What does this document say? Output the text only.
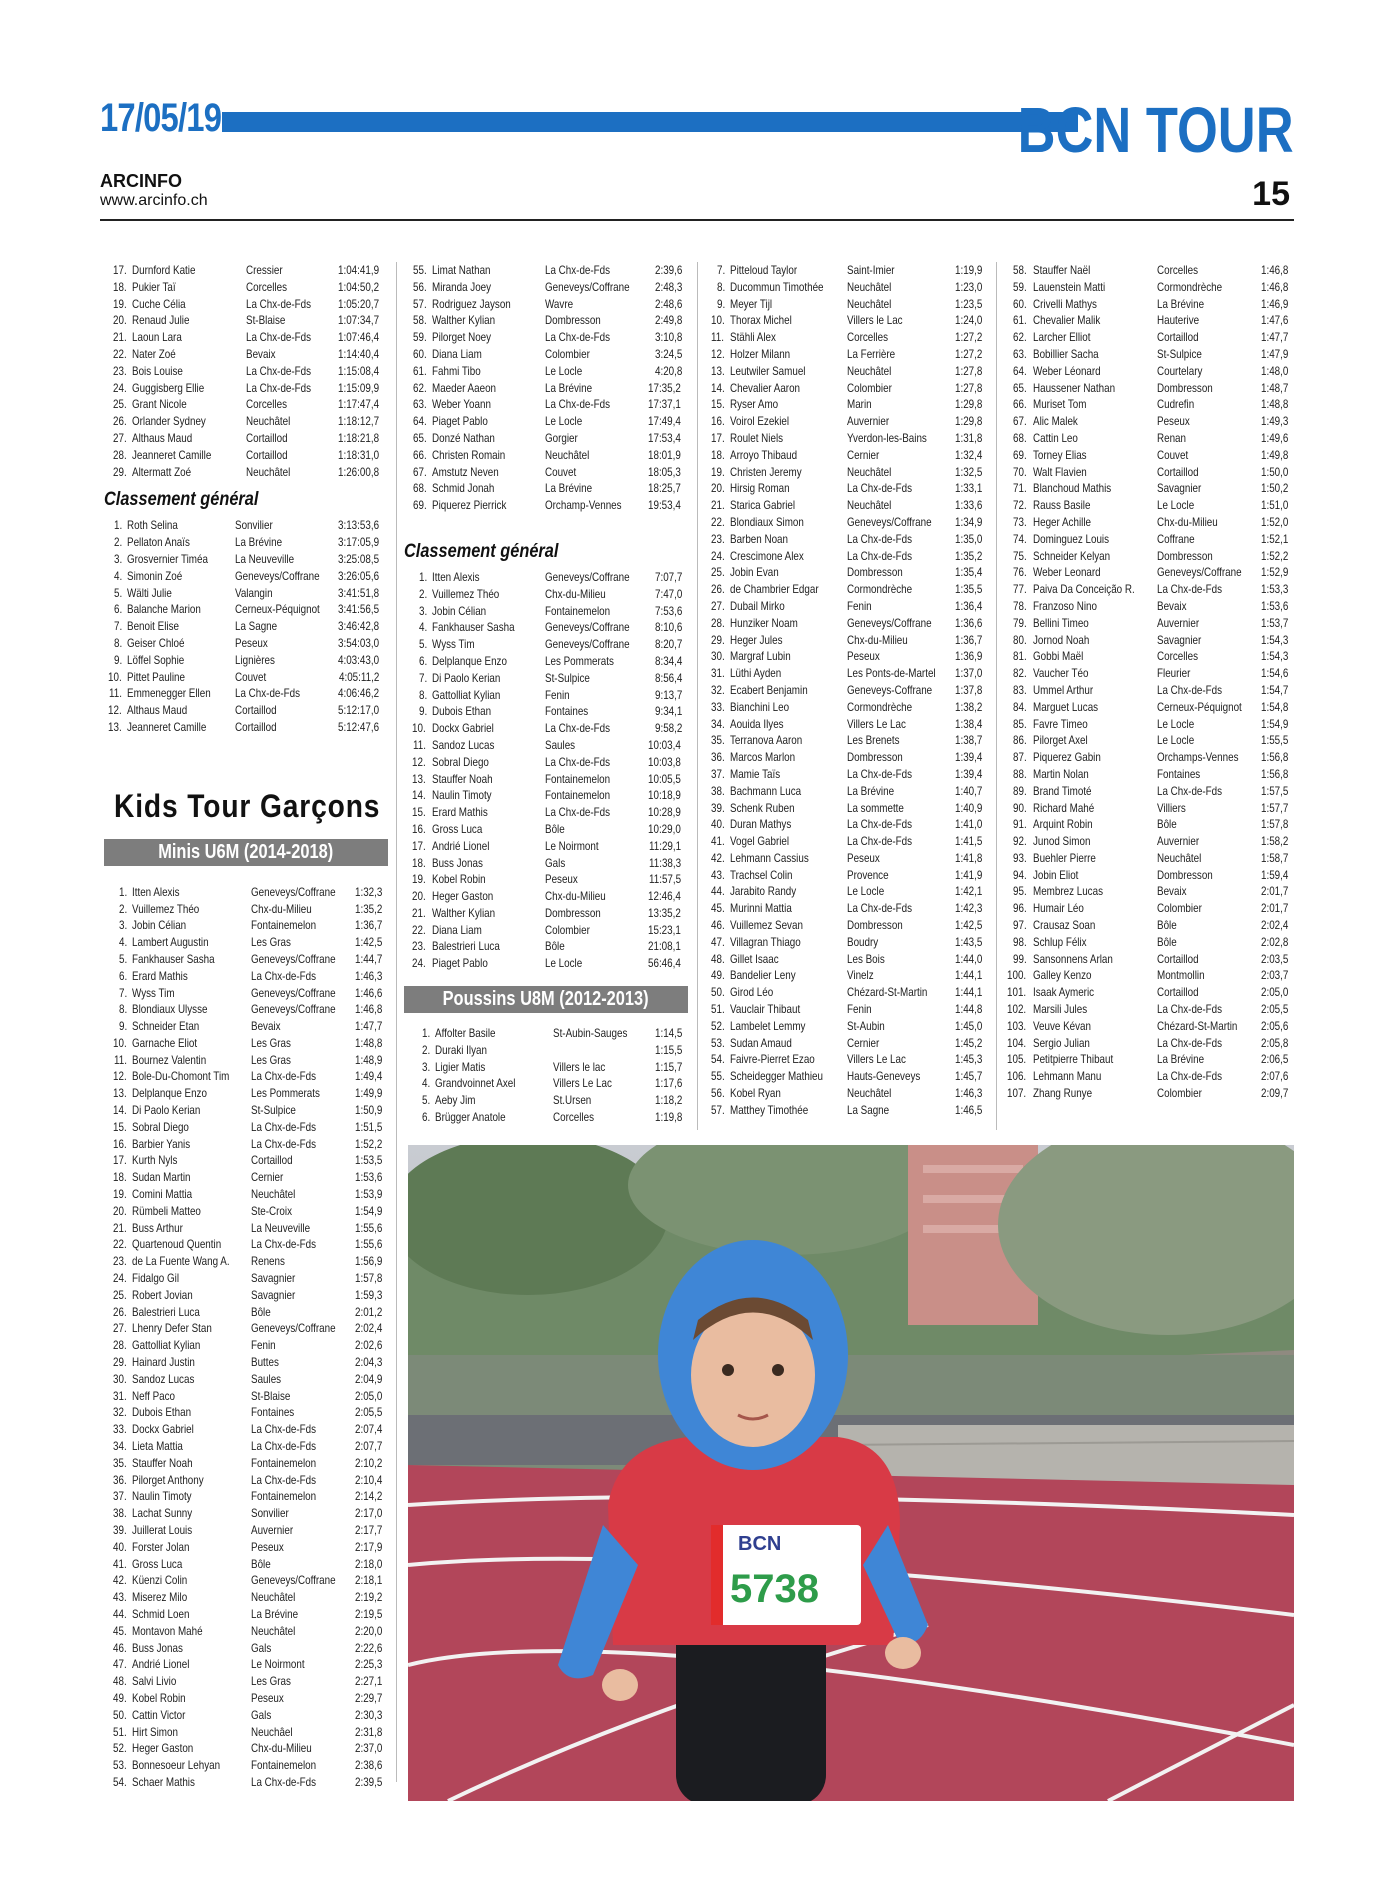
17/05/19	BCN TOUR
ARCINFO
www.arcinfo.ch	15
17.	Durnford Katie	Cressier	1:04:41,9
18.	Pukier Taï	Corcelles	1:04:50,2
19.	Cuche Célia	La Chx-de-Fds	1:05:20,7
20.	Renaud Julie	St-Blaise	1:07:34,7
21.	Laoun Lara	La Chx-de-Fds	1:07:46,4
22.	Nater Zoé	Bevaix	1:14:40,4
23.	Bois Louise	La Chx-de-Fds	1:15:08,4
24.	Guggisberg Ellie	La Chx-de-Fds	1:15:09,9
25.	Grant Nicole	Corcelles	1:17:47,4
26.	Orlander Sydney	Neuchâtel	1:18:12,7
27.	Althaus Maud	Cortaillod	1:18:21,8
28.	Jeanneret Camille	Cortaillod	1:18:31,0
29.	Altermatt Zoé	Neuchâtel	1:26:00,8
Classement général
1.	Roth Selina	Sonvilier	3:13:53,6
2.	Pellaton Anaïs	La Brévine	3:17:05,9
3.	Grosvernier Timéa	La Neuveville	3:25:08,5
4.	Simonin Zoé	Geneveys/Coffrane	3:26:05,6
5.	Wälti Julie	Valangin	3:41:51,8
6.	Balanche Marion	Cerneux-Péquignot	3:41:56,5
7.	Benoit Elise	La Sagne	3:46:42,8
8.	Geiser Chloé	Peseux	3:54:03,0
9.	Löffel Sophie	Lignières	4:03:43,0
10.	Pittet Pauline	Couvet	4:05:11,2
11.	Emmenegger Ellen	La Chx-de-Fds	4:06:46,2
12.	Althaus Maud	Cortaillod	5:12:17,0
13.	Jeanneret Camille	Cortaillod	5:12:47,6
Kids Tour Garçons
Minis U6M (2014-2018)
1.	Itten Alexis	Geneveys/Coffrane	1:32,3
2.	Vuillemez Théo	Chx-du-Milieu	1:35,2
3.	Jobin Célian	Fontainemelon	1:36,7
4.	Lambert Augustin	Les Gras	1:42,5
5.	Fankhauser Sasha	Geneveys/Coffrane	1:44,7
6.	Erard Mathis	La Chx-de-Fds	1:46,3
7.	Wyss Tim	Geneveys/Coffrane	1:46,6
8.	Blondiaux Ulysse	Geneveys/Coffrane	1:46,8
9.	Schneider Etan	Bevaix	1:47,7
10.	Garnache Eliot	Les Gras	1:48,8
11.	Bournez Valentin	Les Gras	1:48,9
12.	Bole-Du-Chomont Tim	La Chx-de-Fds	1:49,4
13.	Delplanque Enzo	Les Pommerats	1:49,9
14.	Di Paolo Kerian	St-Sulpice	1:50,9
15.	Sobral Diego	La Chx-de-Fds	1:51,5
16.	Barbier Yanis	La Chx-de-Fds	1:52,2
17.	Kurth Nyls	Cortaillod	1:53,5
18.	Sudan Martin	Cernier	1:53,6
19.	Comini Mattia	Neuchâtel	1:53,9
20.	Rümbeli Matteo	Ste-Croix	1:54,9
21.	Buss Arthur	La Neuveville	1:55,6
22.	Quartenoud Quentin	La Chx-de-Fds	1:55,6
23.	de La Fuente Wang A.	Renens	1:56,9
24.	Fidalgo Gil	Savagnier	1:57,8
25.	Robert Jovian	Savagnier	1:59,3
26.	Balestrieri Luca	Bôle	2:01,2
27.	Lhenry Defer Stan	Geneveys/Coffrane	2:02,4
28.	Gattolliat Kylian	Fenin	2:02,6
29.	Hainard Justin	Buttes	2:04,3
30.	Sandoz Lucas	Saules	2:04,9
31.	Neff Paco	St-Blaise	2:05,0
32.	Dubois Ethan	Fontaines	2:05,5
33.	Dockx Gabriel	La Chx-de-Fds	2:07,4
34.	Lieta Mattia	La Chx-de-Fds	2:07,7
35.	Stauffer Noah	Fontainemelon	2:10,2
36.	Pilorget Anthony	La Chx-de-Fds	2:10,4
37.	Naulin Timoty	Fontainemelon	2:14,2
38.	Lachat Sunny	Sonvilier	2:17,0
39.	Juillerat Louis	Auvernier	2:17,7
40.	Forster Jolan	Peseux	2:17,9
41.	Gross Luca	Bôle	2:18,0
42.	Küenzi Colin	Geneveys/Coffrane	2:18,1
43.	Miserez Milo	Neuchâtel	2:19,2
44.	Schmid Loen	La Brévine	2:19,5
45.	Montavon Mahé	Neuchâtel	2:20,0
46.	Buss Jonas	Gals	2:22,6
47.	Andrié Lionel	Le Noirmont	2:25,3
48.	Salvi Livio	Les Gras	2:27,1
49.	Kobel Robin	Peseux	2:29,7
50.	Cattin Victor	Gals	2:30,3
51.	Hirt Simon	Neuchâel	2:31,8
52.	Heger Gaston	Chx-du-Milieu	2:37,0
53.	Bonnesoeur Lehyan	Fontainemelon	2:38,6
54.	Schaer Mathis	La Chx-de-Fds	2:39,5
55.	Limat Nathan	La Chx-de-Fds	2:39,6
56.	Miranda Joey	Geneveys/Coffrane	2:48,3
57.	Rodriguez Jayson	Wavre	2:48,6
58.	Walther Kylian	Dombresson	2:49,8
59.	Pilorget Noey	La Chx-de-Fds	3:10,8
60.	Diana Liam	Colombier	3:24,5
61.	Fahmi Tibo	Le Locle	4:20,8
62.	Maeder Aaeon	La Brévine	17:35,2
63.	Weber Yoann	La Chx-de-Fds	17:37,1
64.	Piaget Pablo	Le Locle	17:49,4
65.	Donzé Nathan	Gorgier	17:53,4
66.	Christen Romain	Neuchâtel	18:01,9
67.	Amstutz Neven	Couvet	18:05,3
68.	Schmid Jonah	La Brévine	18:25,7
69.	Piquerez Pierrick	Orchamp-Vennes	19:53,4
Classement général
1.	Itten Alexis	Geneveys/Coffrane	7:07,7
2.	Vuillemez Théo	Chx-du-Milieu	7:47,0
3.	Jobin Célian	Fontainemelon	7:53,6
4.	Fankhauser Sasha	Geneveys/Coffrane	8:10,6
5.	Wyss Tim	Geneveys/Coffrane	8:20,7
6.	Delplanque Enzo	Les Pommerats	8:34,4
7.	Di Paolo Kerian	St-Sulpice	8:56,4
8.	Gattolliat Kylian	Fenin	9:13,7
9.	Dubois Ethan	Fontaines	9:34,1
10.	Dockx Gabriel	La Chx-de-Fds	9:58,2
11.	Sandoz Lucas	Saules	10:03,4
12.	Sobral Diego	La Chx-de-Fds	10:03,8
13.	Stauffer Noah	Fontainemelon	10:05,5
14.	Naulin Timoty	Fontainemelon	10:18,9
15.	Erard Mathis	La Chx-de-Fds	10:28,9
16.	Gross Luca	Bôle	10:29,0
17.	Andrié Lionel	Le Noirmont	11:29,1
18.	Buss Jonas	Gals	11:38,3
19.	Kobel Robin	Peseux	11:57,5
20.	Heger Gaston	Chx-du-Milieu	12:46,4
21.	Walther Kylian	Dombresson	13:35,2
22.	Diana Liam	Colombier	15:23,1
23.	Balestrieri Luca	Bôle	21:08,1
24.	Piaget Pablo	Le Locle	56:46,4
Poussins U8M (2012-2013)
1.	Affolter Basile	St-Aubin-Sauges	1:14,5
2.	Duraki Ilyan		1:15,5
3.	Ligier Matis	Villers le lac	1:15,7
4.	Grandvoinnet Axel	Villers Le Lac	1:17,6
5.	Aeby Jim	St.Ursen	1:18,2
6.	Brügger Anatole	Corcelles	1:19,8
7.	Pitteloud Taylor	Saint-Imier	1:19,9
8.	Ducommun Timothée	Neuchâtel	1:23,0
9.	Meyer Tijl	Neuchâtel	1:23,5
10.	Thorax Michel	Villers le Lac	1:24,0
11.	Stähli Alex	Corcelles	1:27,2
12.	Holzer Milann	La Ferrière	1:27,2
13.	Leutwiler Samuel	Neuchâtel	1:27,8
14.	Chevalier Aaron	Colombier	1:27,8
15.	Ryser Amo	Marin	1:29,8
16.	Voirol Ezekiel	Auvernier	1:29,8
17.	Roulet Niels	Yverdon-les-Bains	1:31,8
18.	Arroyo Thibaud	Cernier	1:32,4
19.	Christen Jeremy	Neuchâtel	1:32,5
20.	Hirsig Roman	La Chx-de-Fds	1:33,1
21.	Starica Gabriel	Neuchâtel	1:33,6
22.	Blondiaux Simon	Geneveys/Coffrane	1:34,9
23.	Barben Noan	La Chx-de-Fds	1:35,0
24.	Crescimone Alex	La Chx-de-Fds	1:35,2
25.	Jobin Evan	Dombresson	1:35,4
26.	de Chambrier Edgar	Cormondrèche	1:35,5
27.	Dubail Mirko	Fenin	1:36,4
28.	Hunziker Noam	Geneveys/Coffrane	1:36,6
29.	Heger Jules	Chx-du-Milieu	1:36,7
30.	Margraf Lubin	Peseux	1:36,9
31.	Lüthi Ayden	Les Ponts-de-Martel	1:37,0
32.	Ecabert Benjamin	Geneveys-Coffrane	1:37,8
33.	Bianchini Leo	Cormondrèche	1:38,2
34.	Aouida Ilyes	Villers Le Lac	1:38,4
35.	Terranova Aaron	Les Brenets	1:38,7
36.	Marcos Marlon	Dombresson	1:39,4
37.	Mamie Taïs	La Chx-de-Fds	1:39,4
38.	Bachmann Luca	La Brévine	1:40,7
39.	Schenk Ruben	La sommette	1:40,9
40.	Duran Mathys	La Chx-de-Fds	1:41,0
41.	Vogel Gabriel	La Chx-de-Fds	1:41,5
42.	Lehmann Cassius	Peseux	1:41,8
43.	Trachsel Colin	Provence	1:41,9
44.	Jarabito Randy	Le Locle	1:42,1
45.	Murinni Mattia	La Chx-de-Fds	1:42,3
46.	Vuillemez Sevan	Dombresson	1:42,5
47.	Villagran Thiago	Boudry	1:43,5
48.	Gillet Isaac	Les Bois	1:44,0
49.	Bandelier Leny	Vinelz	1:44,1
50.	Girod Léo	Chézard-St-Martin	1:44,1
51.	Vauclair Thibaut	Fenin	1:44,8
52.	Lambelet Lemmy	St-Aubin	1:45,0
53.	Sudan Amaud	Cernier	1:45,2
54.	Faivre-Pierret Ezao	Villers Le Lac	1:45,3
55.	Scheidegger Mathieu	Hauts-Geneveys	1:45,7
56.	Kobel Ryan	Neuchâtel	1:46,3
57.	Matthey Timothée	La Sagne	1:46,5
58.	Stauffer Naël	Corcelles	1:46,8
59.	Lauenstein Matti	Cormondrèche	1:46,8
60.	Crivelli Mathys	La Brévine	1:46,9
61.	Chevalier Malik	Hauterive	1:47,6
62.	Larcher Elliot	Cortaillod	1:47,7
63.	Bobillier Sacha	St-Sulpice	1:47,9
64.	Weber Léonard	Courtelary	1:48,0
65.	Haussener Nathan	Dombresson	1:48,7
66.	Muriset Tom	Cudrefin	1:48,8
67.	Alic Malek	Peseux	1:49,3
68.	Cattin Leo	Renan	1:49,6
69.	Torney Elias	Couvet	1:49,8
70.	Walt Flavien	Cortaillod	1:50,0
71.	Blanchoud Mathis	Savagnier	1:50,2
72.	Rauss Basile	Le Locle	1:51,0
73.	Heger Achille	Chx-du-Milieu	1:52,0
74.	Dominguez Louis	Coffrane	1:52,1
75.	Schneider Kelyan	Dombresson	1:52,2
76.	Weber Leonard	Geneveys/Coffrane	1:52,9
77.	Paiva Da Conceição R.	La Chx-de-Fds	1:53,3
78.	Franzoso Nino	Bevaix	1:53,6
79.	Bellini Timeo	Auvernier	1:53,7
80.	Jornod Noah	Savagnier	1:54,3
81.	Gobbi Maël	Corcelles	1:54,3
82.	Vaucher Téo	Fleurier	1:54,6
83.	Ummel Arthur	La Chx-de-Fds	1:54,7
84.	Marguet Lucas	Cerneux-Péquignot	1:54,8
85.	Favre Timeo	Le Locle	1:54,9
86.	Pilorget Axel	Le Locle	1:55,5
87.	Piquerez Gabin	Orchamps-Vennes	1:56,8
88.	Martin Nolan	Fontaines	1:56,8
89.	Brand Timoté	La Chx-de-Fds	1:57,5
90.	Richard Mahé	Villiers	1:57,7
91.	Arquint Robin	Bôle	1:57,8
92.	Junod Simon	Auvernier	1:58,2
93.	Buehler Pierre	Neuchâtel	1:58,7
94.	Jobin Eliot	Dombresson	1:59,4
95.	Membrez Lucas	Bevaix	2:01,7
96.	Humair Léo	Colombier	2:01,7
97.	Crausaz Soan	Bôle	2:02,4
98.	Schlup Félix	Bôle	2:02,8
99.	Sansonnens Arlan	Cortaillod	2:03,5
100.	Galley Kenzo	Montmollin	2:03,7
101.	Isaak Aymeric	Cortaillod	2:05,0
102.	Marsili Jules	La Chx-de-Fds	2:05,5
103.	Veuve Kévan	Chézard-St-Martin	2:05,6
104.	Sergio Julian	La Chx-de-Fds	2:05,8
105.	Petitpierre Thibaut	La Brévine	2:06,5
106.	Lehmann Manu	La Chx-de-Fds	2:07,6
107.	Zhang Runye	Colombier	2:09,7
BCN
5738
